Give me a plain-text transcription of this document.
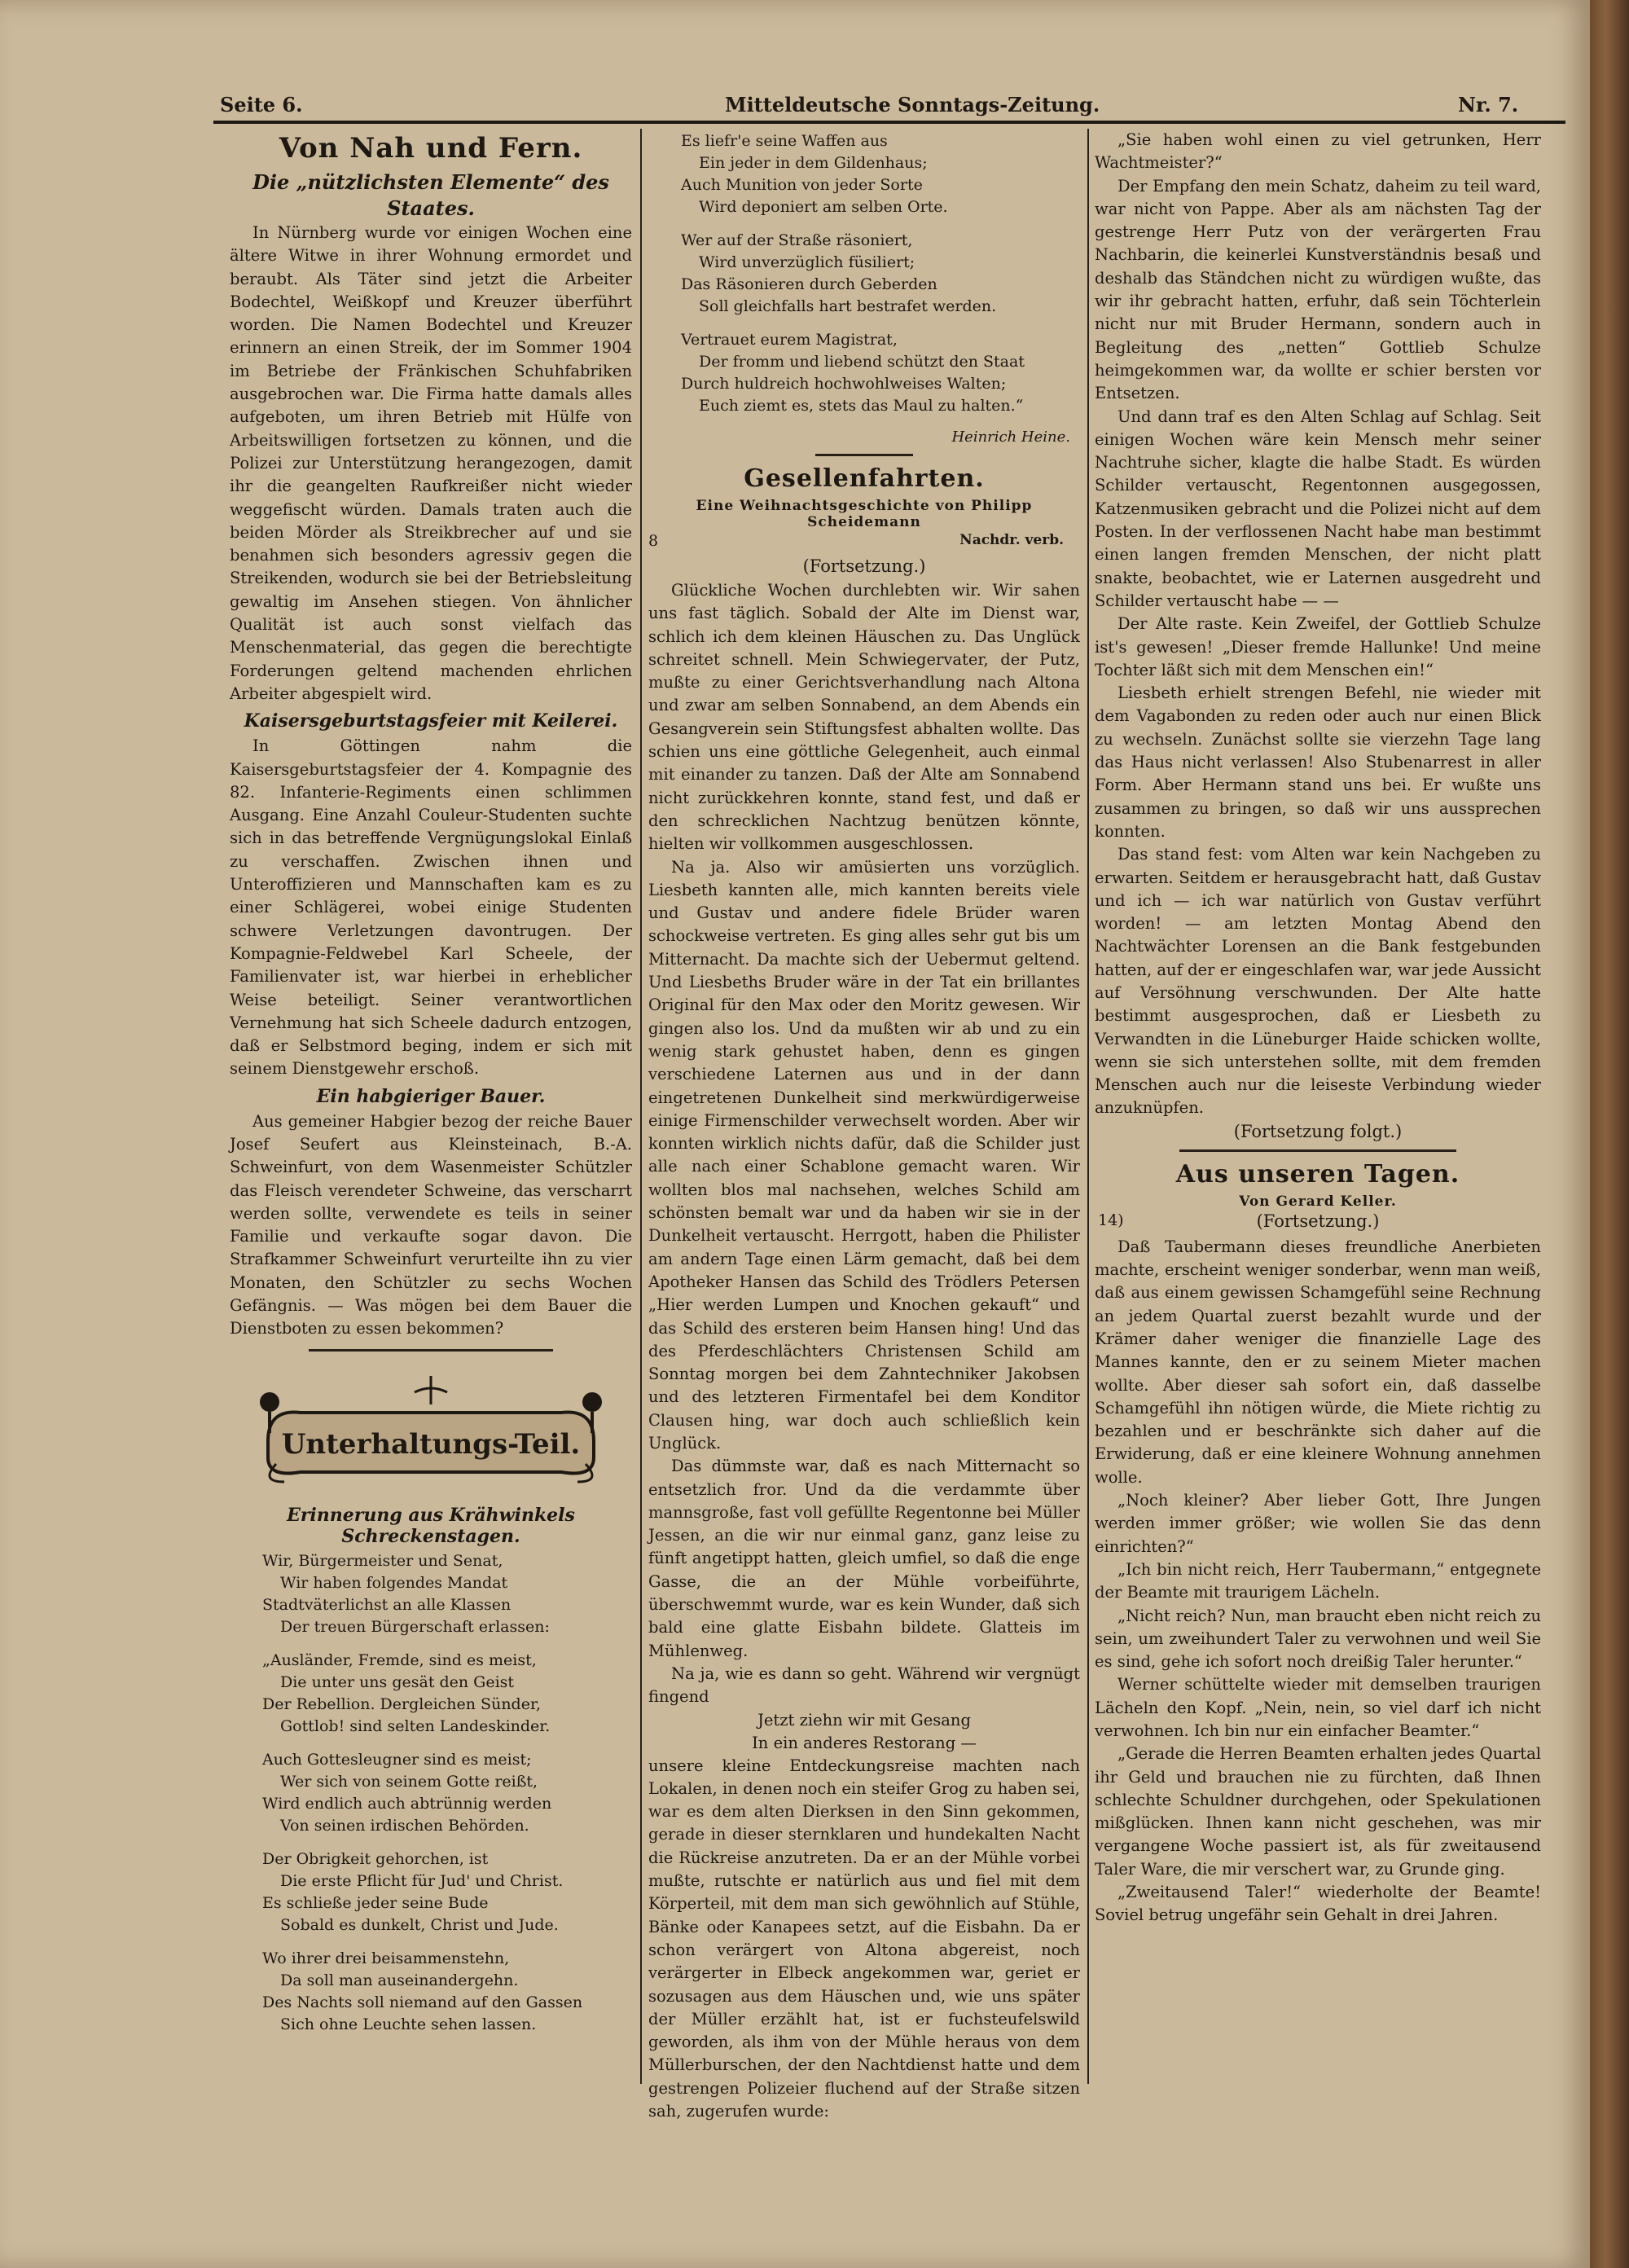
Seite 6.	Mitteldeutsche Sonntags-Zeitung.	Nr. 7.
Von Nah und Fern.
Die „nützlichsten Elemente“ des Staates.

In Nürnberg wurde vor einigen Wochen eine ältere Witwe in ihrer Wohnung ermordet und beraubt. Als Täter sind jetzt die Arbeiter Bodechtel, Weißkopf und Kreuzer überführt worden. Die Namen Bodechtel und Kreuzer erinnern an einen Streik, der im Sommer 1904 im Betriebe der Fränkischen Schuhfabriken ausgebrochen war. Die Firma hatte damals alles aufgeboten, um ihren Betrieb mit Hülfe von Arbeitswilligen fortsetzen zu können, und die Polizei zur Unterstützung herangezogen, damit ihr die geangelten Raufkreißer nicht wieder weggefischt würden. Damals traten auch die beiden Mörder als Streikbrecher auf und sie benahmen sich besonders agressiv gegen die Streikenden, wodurch sie bei der Betriebsleitung gewaltig im Ansehen stiegen. Von ähnlicher Qualität ist auch sonst vielfach das Menschenmaterial, das gegen die berechtigte Forderungen geltend machenden ehrlichen Arbeiter abgespielt wird.

Kaisersgeburtstagsfeier mit Keilerei.

In Göttingen nahm die Kaisersgeburtstagsfeier der 4. Kompagnie des 82. Infanterie-Regiments einen schlimmen Ausgang. Eine Anzahl Couleur-Studenten suchte sich in das betreffende Vergnügungslokal Einlaß zu verschaffen. Zwischen ihnen und Unteroffizieren und Mannschaften kam es zu einer Schlägerei, wobei einige Studenten schwere Verletzungen davontrugen. Der Kompagnie-Feldwebel Karl Scheele, der Familienvater ist, war hierbei in erheblicher Weise beteiligt. Seiner verantwortlichen Vernehmung hat sich Scheele dadurch entzogen, daß er Selbstmord beging, indem er sich mit seinem Dienstgewehr erschoß.

Ein habgieriger Bauer.

Aus gemeiner Habgier bezog der reiche Bauer Josef Seufert aus Kleinsteinach, B.-A. Schweinfurt, von dem Wasenmeister Schützler das Fleisch verendeter Schweine, das verscharrt werden sollte, verwendete es teils in seiner Familie und verkaufte sogar davon. Die Strafkammer Schweinfurt verurteilte ihn zu vier Monaten, den Schützler zu sechs Wochen Gefängnis. — Was mögen bei dem Bauer die Dienstboten zu essen bekommen?

Unterhaltungs-Teil.
Erinnerung aus Krähwinkels Schreckenstagen.
Wir, Bürgermeister und Senat,
Wir haben folgendes Mandat
Stadtväterlichst an alle Klassen
Der treuen Bürgerschaft erlassen:
„Ausländer, Fremde, sind es meist,
Die unter uns gesät den Geist
Der Rebellion. Dergleichen Sünder,
Gottlob! sind selten Landeskinder.
Auch Gottesleugner sind es meist;
Wer sich von seinem Gotte reißt,
Wird endlich auch abtrünnig werden
Von seinen irdischen Behörden.
Der Obrigkeit gehorchen, ist
Die erste Pflicht für Jud' und Christ.
Es schließe jeder seine Bude
Sobald es dunkelt, Christ und Jude.
Wo ihrer drei beisammenstehn,
Da soll man auseinandergehn.
Des Nachts soll niemand auf den Gassen
Sich ohne Leuchte sehen lassen.
Es liefr'e seine Waffen aus
Ein jeder in dem Gildenhaus;
Auch Munition von jeder Sorte
Wird deponiert am selben Orte.
Wer auf der Straße räsoniert,
Wird unverzüglich füsiliert;
Das Räsonieren durch Geberden
Soll gleichfalls hart bestrafet werden.
Vertrauet eurem Magistrat,
Der fromm und liebend schützt den Staat
Durch huldreich hochwohlweises Walten;
Euch ziemt es, stets das Maul zu halten.“
Heinrich Heine.
Gesellenfahrten.
Eine Weihnachtsgeschichte von Philipp Scheidemann
8	Nachdr. verb.
(Fortsetzung.)

Glückliche Wochen durchlebten wir. Wir sahen uns fast täglich. Sobald der Alte im Dienst war, schlich ich dem kleinen Häuschen zu. Das Unglück schreitet schnell. Mein Schwiegervater, der Putz, mußte zu einer Gerichtsverhandlung nach Altona und zwar am selben Sonnabend, an dem Abends ein Gesangverein sein Stiftungsfest abhalten wollte. Das schien uns eine göttliche Gelegenheit, auch einmal mit einander zu tanzen. Daß der Alte am Sonnabend nicht zurückkehren konnte, stand fest, und daß er den schrecklichen Nachtzug benützen könnte, hielten wir vollkommen ausgeschlossen.

Na ja. Also wir amüsierten uns vorzüglich. Liesbeth kannten alle, mich kannten bereits viele und Gustav und andere fidele Brüder waren schockweise vertreten. Es ging alles sehr gut bis um Mitternacht. Da machte sich der Uebermut geltend. Und Liesbeths Bruder wäre in der Tat ein brillantes Original für den Max oder den Moritz gewesen. Wir gingen also los. Und da mußten wir ab und zu ein wenig stark gehustet haben, denn es gingen verschiedene Laternen aus und in der dann eingetretenen Dunkelheit sind merkwürdigerweise einige Firmenschilder verwechselt worden. Aber wir konnten wirklich nichts dafür, daß die Schilder just alle nach einer Schablone gemacht waren. Wir wollten blos mal nachsehen, welches Schild am schönsten bemalt war und da haben wir sie in der Dunkelheit vertauscht. Herrgott, haben die Philister am andern Tage einen Lärm gemacht, daß bei dem Apotheker Hansen das Schild des Trödlers Petersen „Hier werden Lumpen und Knochen gekauft“ und das Schild des ersteren beim Hansen hing! Und das des Pferdeschlächters Christensen Schild am Sonntag morgen bei dem Zahntechniker Jakobsen und des letzteren Firmentafel bei dem Konditor Clausen hing, war doch auch schließlich kein Unglück.

Das dümmste war, daß es nach Mitternacht so entsetzlich fror. Und da die verdammte über mannsgroße, fast voll gefüllte Regentonne bei Müller Jessen, an die wir nur einmal ganz, ganz leise zu fünft angetippt hatten, gleich umfiel, so daß die enge Gasse, die an der Mühle vorbeiführte, überschwemmt wurde, war es kein Wunder, daß sich bald eine glatte Eisbahn bildete. Glatteis im Mühlenweg.

Na ja, wie es dann so geht. Während wir vergnügt fingend

Jetzt ziehn wir mit Gesang
In ein anderes Restorang —

unsere kleine Entdeckungsreise machten nach Lokalen, in denen noch ein steifer Grog zu haben sei, war es dem alten Dierksen in den Sinn gekommen, gerade in dieser sternklaren und hundekalten Nacht die Rückreise anzutreten. Da er an der Mühle vorbei mußte, rutschte er natürlich aus und fiel mit dem Körperteil, mit dem man sich gewöhnlich auf Stühle, Bänke oder Kanapees setzt, auf die Eisbahn. Da er schon verärgert von Altona abgereist, noch verärgerter in Elbeck angekommen war, geriet er sozusagen aus dem Häuschen und, wie uns später der Müller erzählt hat, ist er fuchsteufelswild geworden, als ihm von der Mühle heraus von dem Müllerburschen, der den Nachtdienst hatte und dem gestrengen Polizeier fluchend auf der Straße sitzen sah, zugerufen wurde:

„Sie haben wohl einen zu viel getrunken, Herr Wachtmeister?“

Der Empfang den mein Schatz, daheim zu teil ward, war nicht von Pappe. Aber als am nächsten Tag der gestrenge Herr Putz von der verärgerten Frau Nachbarin, die keinerlei Kunstverständnis besaß und deshalb das Ständchen nicht zu würdigen wußte, das wir ihr gebracht hatten, erfuhr, daß sein Töchterlein nicht nur mit Bruder Hermann, sondern auch in Begleitung des „netten“ Gottlieb Schulze heimgekommen war, da wollte er schier bersten vor Entsetzen.

Und dann traf es den Alten Schlag auf Schlag. Seit einigen Wochen wäre kein Mensch mehr seiner Nachtruhe sicher, klagte die halbe Stadt. Es würden Schilder vertauscht, Regentonnen ausgegossen, Katzenmusiken gebracht und die Polizei nicht auf dem Posten. In der verflossenen Nacht habe man bestimmt einen langen fremden Menschen, der nicht platt snakte, beobachtet, wie er Laternen ausgedreht und Schilder vertauscht habe — —

Der Alte raste. Kein Zweifel, der Gottlieb Schulze ist's gewesen! „Dieser fremde Hallunke! Und meine Tochter läßt sich mit dem Menschen ein!“

Liesbeth erhielt strengen Befehl, nie wieder mit dem Vagabonden zu reden oder auch nur einen Blick zu wechseln. Zunächst sollte sie vierzehn Tage lang das Haus nicht verlassen! Also Stubenarrest in aller Form. Aber Hermann stand uns bei. Er wußte uns zusammen zu bringen, so daß wir uns aussprechen konnten.

Das stand fest: vom Alten war kein Nachgeben zu erwarten. Seitdem er herausgebracht hatt, daß Gustav und ich — ich war natürlich von Gustav verführt worden! — am letzten Montag Abend den Nachtwächter Lorensen an die Bank festgebunden hatten, auf der er eingeschlafen war, war jede Aussicht auf Versöhnung verschwunden. Der Alte hatte bestimmt ausgesprochen, daß er Liesbeth zu Verwandten in die Lüneburger Haide schicken wollte, wenn sie sich unterstehen sollte, mit dem fremden Menschen auch nur die leiseste Verbindung wieder anzuknüpfen.

(Fortsetzung folgt.)
Aus unseren Tagen.
Von Gerard Keller.
14)	(Fortsetzung.)

Daß Taubermann dieses freundliche Anerbieten machte, erscheint weniger sonderbar, wenn man weiß, daß aus einem gewissen Schamgefühl seine Rechnung an jedem Quartal zuerst bezahlt wurde und der Krämer daher weniger die finanzielle Lage des Mannes kannte, den er zu seinem Mieter machen wollte. Aber dieser sah sofort ein, daß dasselbe Schamgefühl ihn nötigen würde, die Miete richtig zu bezahlen und er beschränkte sich daher auf die Erwiderung, daß er eine kleinere Wohnung annehmen wolle.

„Noch kleiner? Aber lieber Gott, Ihre Jungen werden immer größer; wie wollen Sie das denn einrichten?“

„Ich bin nicht reich, Herr Taubermann,“ entgegnete der Beamte mit traurigem Lächeln.

„Nicht reich? Nun, man braucht eben nicht reich zu sein, um zweihundert Taler zu verwohnen und weil Sie es sind, gehe ich sofort noch dreißig Taler herunter.“

Werner schüttelte wieder mit demselben traurigen Lächeln den Kopf. „Nein, nein, so viel darf ich nicht verwohnen. Ich bin nur ein einfacher Beamter.“

„Gerade die Herren Beamten erhalten jedes Quartal ihr Geld und brauchen nie zu fürchten, daß Ihnen schlechte Schuldner durchgehen, oder Spekulationen mißglücken. Ihnen kann nicht geschehen, was mir vergangene Woche passiert ist, als für zweitausend Taler Ware, die mir verschert war, zu Grunde ging.

„Zweitausend Taler!“ wiederholte der Beamte! Soviel betrug ungefähr sein Gehalt in drei Jahren.
